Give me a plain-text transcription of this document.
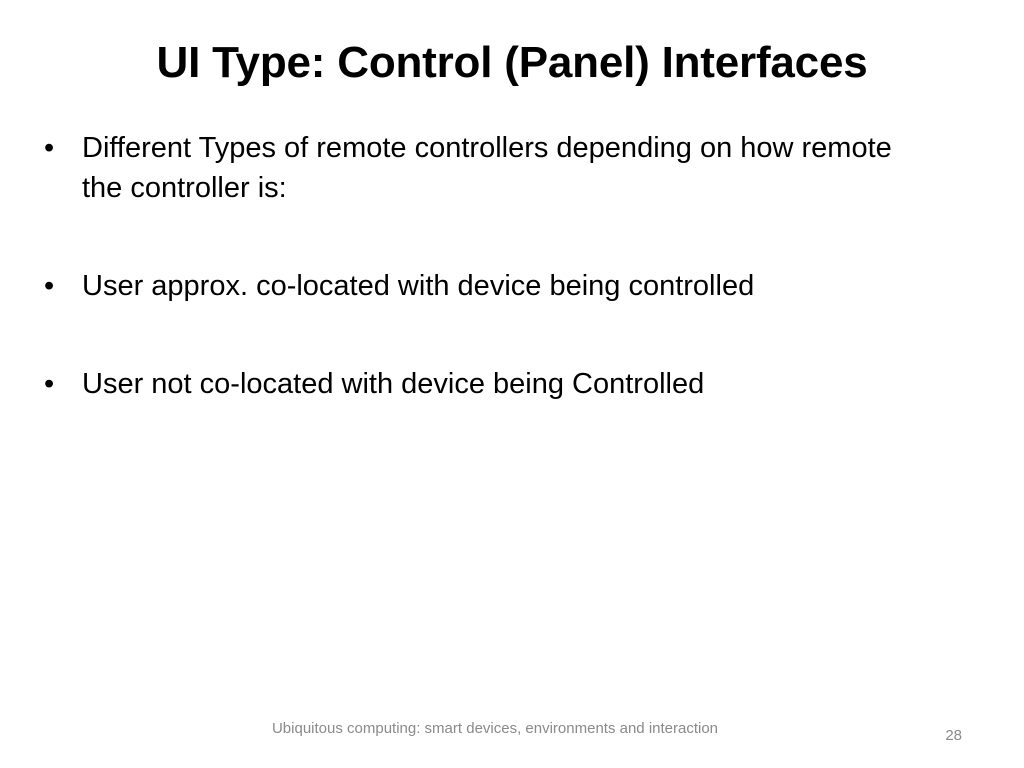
UI Type: Control (Panel) Interfaces
• Different Types of remote controllers depending on how remote the controller is:
• User approx. co-located with device being controlled
• User not co-located with device being Controlled
Ubiquitous computing: smart devices, environments and interaction	28
